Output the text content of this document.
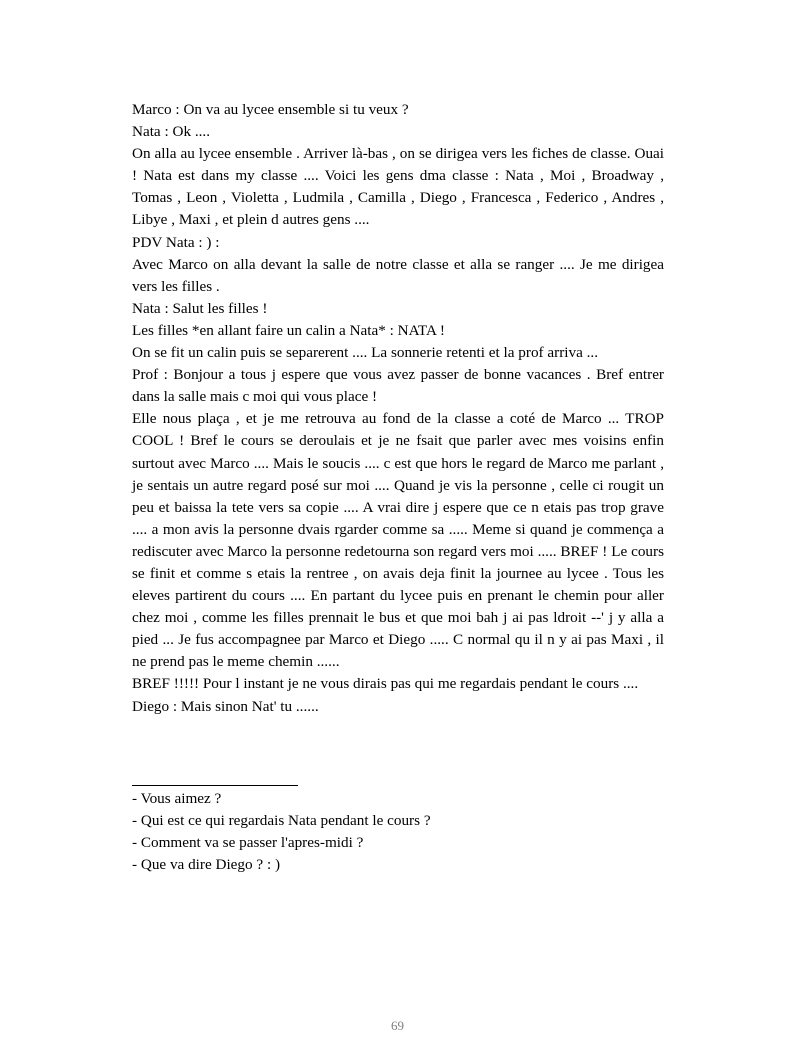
Marco : On va au lycee ensemble si tu veux ?

Nata : Ok ....

On alla au lycee ensemble . Arriver là-bas , on se dirigea vers les fiches de classe. Ouai ! Nata est dans my classe .... Voici les gens dma classe : Nata , Moi , Broadway , Tomas , Leon , Violetta , Ludmila , Camilla , Diego , Francesca , Federico , Andres , Libye , Maxi , et plein d autres gens ....

PDV Nata : ) :

Avec Marco on alla devant la salle de notre classe et alla se ranger .... Je me dirigea vers les filles .

Nata : Salut les filles !

Les filles *en allant faire un calin a Nata* : NATA !

On se fit un calin puis se separerent .... La sonnerie retenti et la prof arriva ...

Prof : Bonjour a tous j espere que vous avez passer de bonne vacances . Bref entrer dans la salle mais c moi qui vous place !

Elle nous plaça , et je me retrouva au fond de la classe a coté de Marco ... TROP COOL ! Bref le cours se deroulais et je ne fsait que parler avec mes voisins enfin surtout avec Marco .... Mais le soucis .... c est que hors le regard de Marco me parlant , je sentais un autre regard posé sur moi .... Quand je vis la personne , celle ci rougit un peu et baissa la tete vers sa copie .... A vrai dire j espere que ce n etais pas trop grave .... a mon avis la personne dvais rgarder comme sa ..... Meme si quand je commença a rediscuter avec Marco la personne redetourna son regard vers moi ..... BREF ! Le cours se finit et comme s etais la rentree , on avais deja finit la journee au lycee . Tous les eleves partirent du cours .... En partant du lycee puis en prenant le chemin pour aller chez moi , comme les filles prennait le bus et que moi bah j ai pas ldroit --' j y alla a pied ... Je fus accompagnee par Marco et Diego ..... C normal qu il n y ai pas Maxi , il ne prend pas le meme chemin ......

BREF !!!!! Pour l instant je ne vous dirais pas qui me regardais pendant le cours ....

Diego : Mais sinon Nat' tu ......

- Vous aimez ?

- Qui est ce qui regardais Nata pendant le cours ?

- Comment va se passer l'apres-midi ?

- Que va dire Diego ? : )

69
